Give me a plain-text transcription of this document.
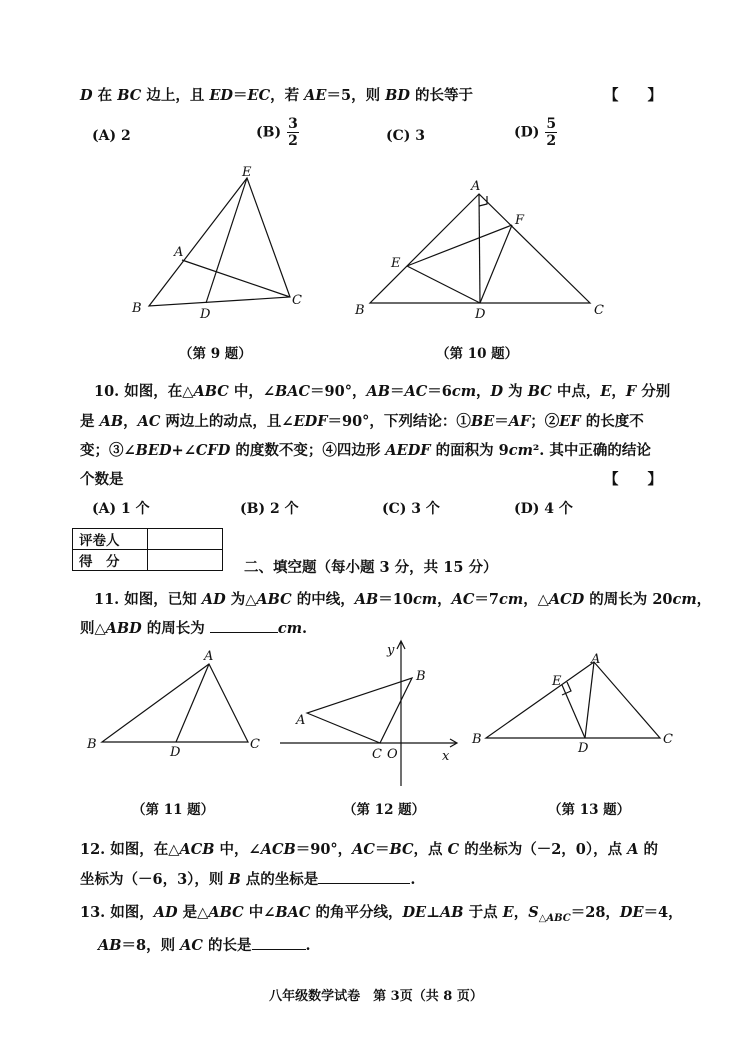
D 在 BC 边上，且 ED＝EC，若 AE＝5，则 BD 的长等于	【　　】
(A) 2	$(B) \frac{3}{2}$	(C) 3	$(D) \frac{5}{2}$
E
A
B	D
C
A
F
E
B	D	C
（第 9 题）	（第 10 题）
10. 如图，在△ABC 中，∠BAC＝90°，AB＝AC＝6cm，D 为 BC 中点，E，F 分别
是 AB，AC 两边上的动点，且∠EDF＝90°，下列结论：①BE＝AF；②EF 的长度不
变；③∠BED+∠CFD 的度数不变；④四边形 AEDF 的面积为 9cm². 其中正确的结论
个数是	【　　】
(A) 1 个	(B) 2 个	(C) 3 个	(D) 4 个
评卷人	
得　分		二、填空题（每小题 3 分，共 15 分）
11. 如图，已知 AD 为△ABC 的中线，AB＝10cm，AC＝7cm，△ACD 的周长为 20cm，
则△ABD 的周长为	cm.
A
B
D
C
y
B
A
C O	x
A
E
B
D
C
（第 11 题）	（第 12 题）	（第 13 题）
12. 如图，在△ACB 中，∠ACB＝90°，AC＝BC，点 C 的坐标为（－2，0），点 A 的
坐标为（－6，3），则 B 点的坐标是	.
13. 如图，AD 是△ABC 中∠BAC 的角平分线，DE⊥AB 于点 E，$S_{\triangle ABC}=28$，DE＝4，
AB＝8，则 AC 的长是	.
八年级数学试卷　第 3页（共 8 页）
